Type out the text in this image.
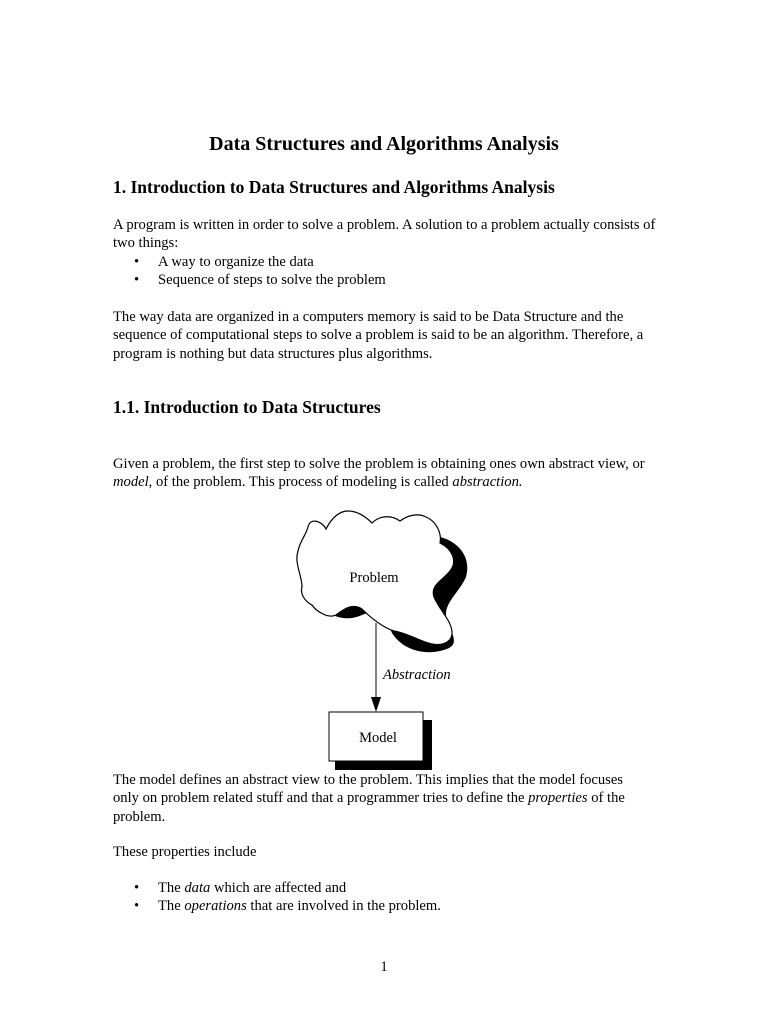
Data Structures and Algorithms Analysis
1. Introduction to Data Structures and Algorithms Analysis

A program is written in order to solve a problem. A solution to a problem actually consists of two things:

• A way to organize the data
• Sequence of steps to solve the problem

The way data are organized in a computers memory is said to be Data Structure and the sequence of computational steps to solve a problem is said to be an algorithm. Therefore, a program is nothing but data structures plus algorithms.

1.1. Introduction to Data Structures

Given a problem, the first step to solve the problem is obtaining ones own abstract view, or model, of the problem. This process of modeling is called abstraction.

Problem
Abstraction
Model

The model defines an abstract view to the problem. This implies that the model focuses only on problem related stuff and that a programmer tries to define the properties of the problem.

These properties include

• The data which are affected and
• The operations that are involved in the problem.
1
